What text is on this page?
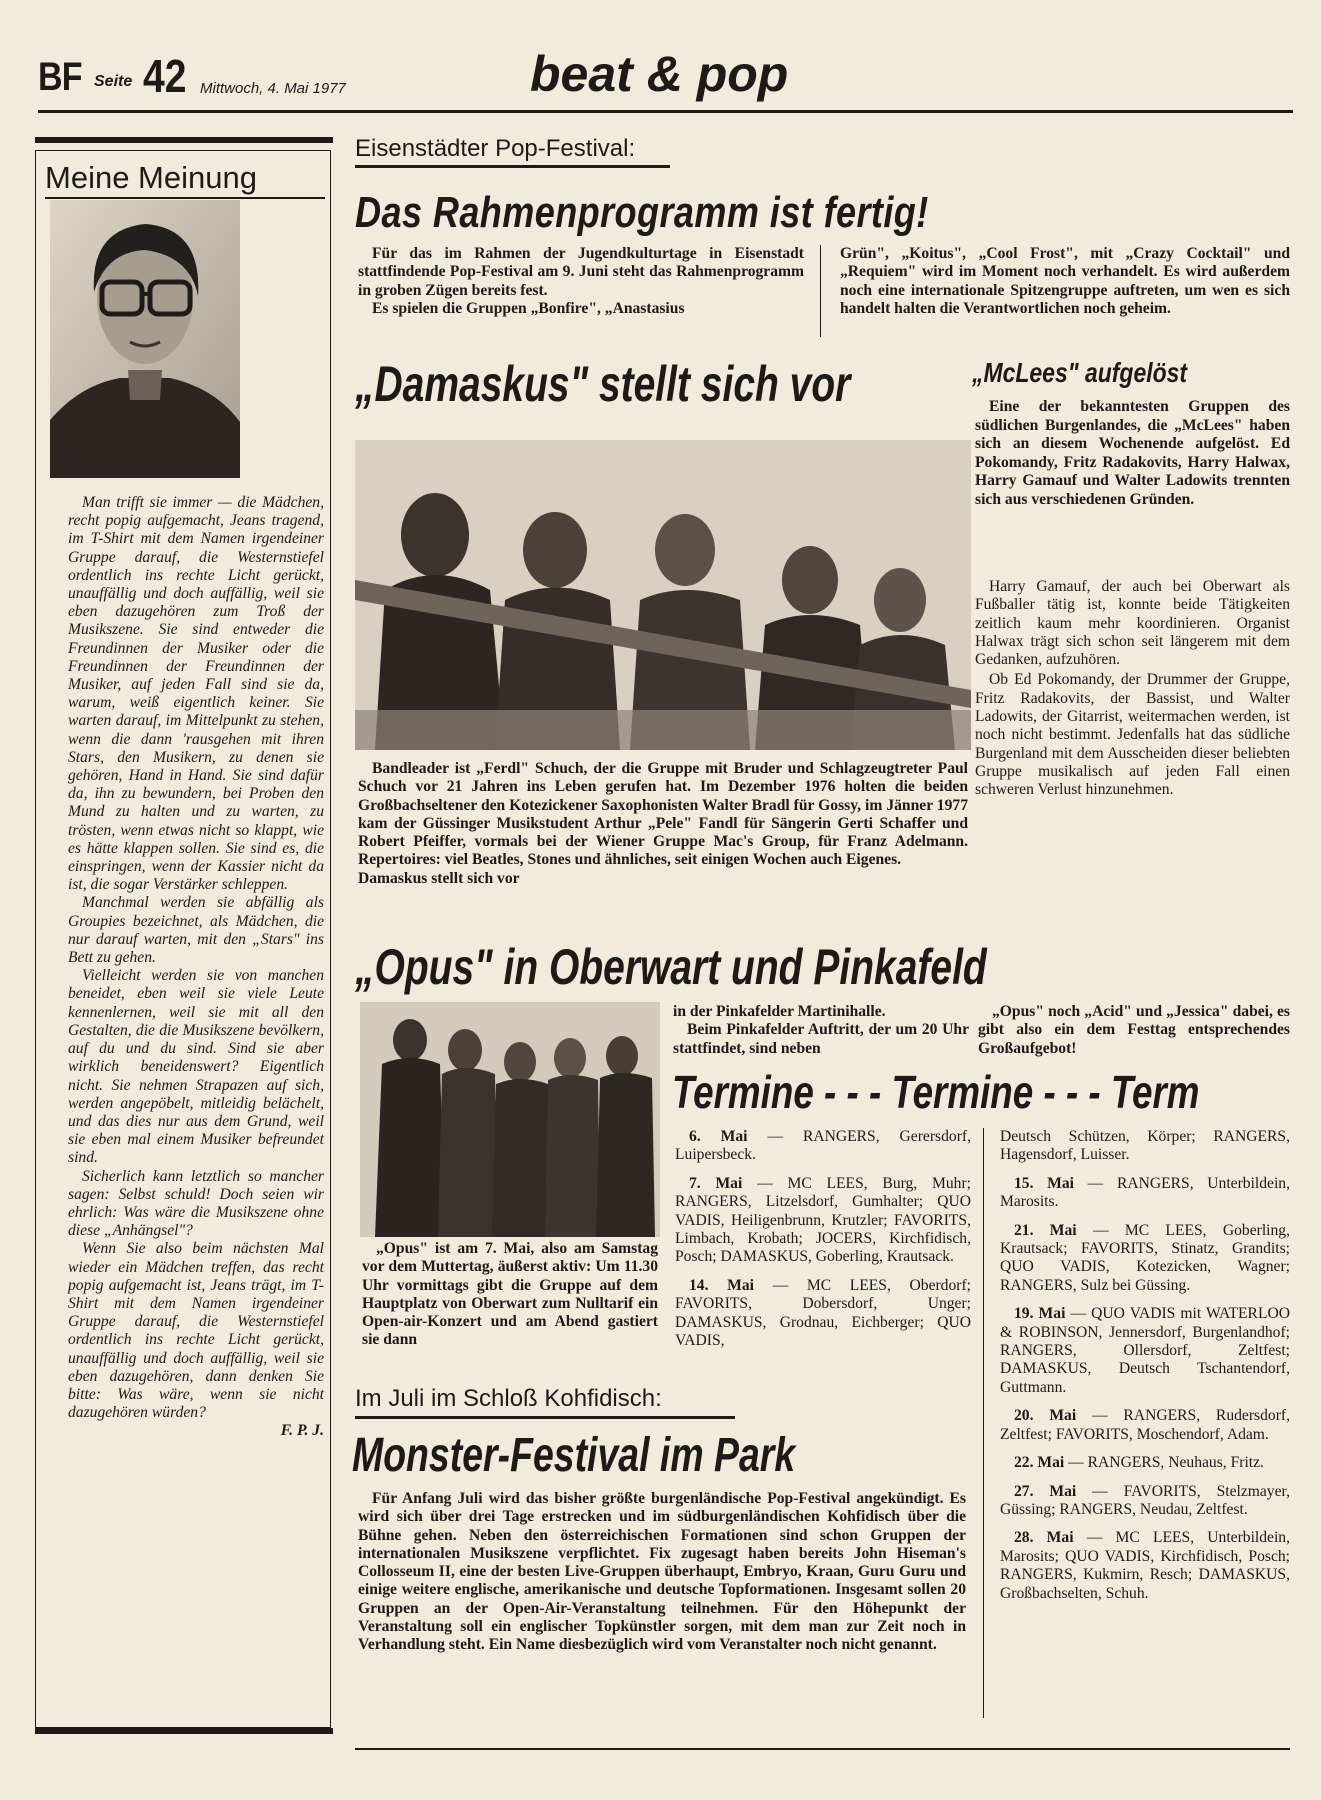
BF Seite 42 Mittwoch, 4. Mai 1977	beat & pop
Meine Meinung

Man trifft sie immer — die Mädchen, recht popig aufgemacht, Jeans tragend, im T-Shirt mit dem Namen irgendeiner Gruppe darauf, die Westernstiefel ordentlich ins rechte Licht gerückt, unauffällig und doch auffällig, weil sie eben dazugehören zum Troß der Musikszene. Sie sind entweder die Freundinnen der Musiker oder die Freundinnen der Freundinnen der Musiker, auf jeden Fall sind sie da, warum, weiß eigentlich keiner. Sie warten darauf, im Mittelpunkt zu stehen, wenn die dann 'rausgehen mit ihren Stars, den Musikern, zu denen sie gehören, Hand in Hand. Sie sind dafür da, ihn zu bewundern, bei Proben den Mund zu halten und zu warten, zu trösten, wenn etwas nicht so klappt, wie es hätte klappen sollen. Sie sind es, die einspringen, wenn der Kassier nicht da ist, die sogar Verstärker schleppen.

Manchmal werden sie abfällig als Groupies bezeichnet, als Mädchen, die nur darauf warten, mit den „Stars" ins Bett zu gehen.

Vielleicht werden sie von manchen beneidet, eben weil sie viele Leute kennenlernen, weil sie mit all den Gestalten, die die Musikszene bevölkern, auf du und du sind. Sind sie aber wirklich beneidenswert? Eigentlich nicht. Sie nehmen Strapazen auf sich, werden angepöbelt, mitleidig belächelt, und das dies nur aus dem Grund, weil sie eben mal einem Musiker befreundet sind.

Sicherlich kann letztlich so mancher sagen: Selbst schuld! Doch seien wir ehrlich: Was wäre die Musikszene ohne diese „Anhängsel"?

Wenn Sie also beim nächsten Mal wieder ein Mädchen treffen, das recht popig aufgemacht ist, Jeans trägt, im T-Shirt mit dem Namen irgendeiner Gruppe darauf, die Westernstiefel ordentlich ins rechte Licht gerückt, unauffällig und doch auffällig, weil sie eben dazugehören, dann denken Sie bitte: Was wäre, wenn sie nicht dazugehören würden?

F. P. J.

Eisenstädter Pop-Festival:
Das Rahmenprogramm ist fertig!

Für das im Rahmen der Jugendkulturtage in Eisenstadt stattfindende Pop-Festival am 9. Juni steht das Rahmenprogramm in groben Zügen bereits fest.

Es spielen die Gruppen „Bonfire", „Anastasius

Grün", „Koitus", „Cool Frost", mit „Crazy Cocktail" und „Requiem" wird im Moment noch verhandelt. Es wird außerdem noch eine internationale Spitzengruppe auftreten, um wen es sich handelt halten die Verantwortlichen noch geheim.

„Damaskus" stellt sich vor

Bandleader ist „Ferdl" Schuch, der die Gruppe mit Bruder und Schlagzeugtreter Paul Schuch vor 21 Jahren ins Leben gerufen hat. Im Dezember 1976 holten die beiden Großbachseltener den Kotezickener Saxophonisten Walter Bradl für Gossy, im Jänner 1977 kam der Güssinger Musikstudent Arthur „Pele" Fandl für Sängerin Gerti Schaffer und Robert Pfeiffer, vormals bei der Wiener Gruppe Mac's Group, für Franz Adelmann. Repertoires: viel Beatles, Stones und ähnliches, seit einigen Wochen auch Eigenes.

Damaskus stellt sich vor

„McLees" aufgelöst

Eine der bekanntesten Gruppen des südlichen Burgenlandes, die „McLees" haben sich an diesem Wochenende aufgelöst. Ed Pokomandy, Fritz Radakovits, Harry Halwax, Harry Gamauf und Walter Ladowits trennten sich aus verschiedenen Gründen.

Harry Gamauf, der auch bei Oberwart als Fußballer tätig ist, konnte beide Tätigkeiten zeitlich kaum mehr koordinieren. Organist Halwax trägt sich schon seit längerem mit dem Gedanken, aufzuhören.

Ob Ed Pokomandy, der Drummer der Gruppe, Fritz Radakovits, der Bassist, und Walter Ladowits, der Gitarrist, weitermachen werden, ist noch nicht bestimmt. Jedenfalls hat das südliche Burgenland mit dem Ausscheiden dieser beliebten Gruppe musikalisch auf jeden Fall einen schweren Verlust hinzunehmen.

„Opus" in Oberwart und Pinkafeld

„Opus" ist am 7. Mai, also am Samstag vor dem Muttertag, äußerst aktiv: Um 11.30 Uhr vormittags gibt die Gruppe auf dem Hauptplatz von Oberwart zum Nulltarif ein Open-air-Konzert und am Abend gastiert sie dann

in der Pinkafelder Martinihalle.

Beim Pinkafelder Auftritt, der um 20 Uhr stattfindet, sind neben

„Opus" noch „Acid" und „Jessica" dabei, es gibt also ein dem Festtag entsprechendes Großaufgebot!

Termine - - - Termine - - - Term

6. Mai — RANGERS, Gerersdorf, Luipersbeck.

7. Mai — MC LEES, Burg, Muhr; RANGERS, Litzelsdorf, Gumhalter; QUO VADIS, Heiligenbrunn, Krutzler; FAVORITS, Limbach, Krobath; JOCERS, Kirchfidisch, Posch; DAMASKUS, Goberling, Krautsack.

14. Mai — MC LEES, Oberdorf; FAVORITS, Dobersdorf, Unger; DAMASKUS, Grodnau, Eichberger; QUO VADIS,

Deutsch Schützen, Körper; RANGERS, Hagensdorf, Luisser.

15. Mai — RANGERS, Unterbildein, Marosits.

21. Mai — MC LEES, Goberling, Krautsack; FAVORITS, Stinatz, Grandits; QUO VADIS, Kotezicken, Wagner; RANGERS, Sulz bei Güssing.

19. Mai — QUO VADIS mit WATERLOO & ROBINSON, Jennersdorf, Burgenlandhof; RANGERS, Ollersdorf, Zeltfest; DAMASKUS, Deutsch Tschantendorf, Guttmann.

20. Mai — RANGERS, Rudersdorf, Zeltfest; FAVORITS, Moschendorf, Adam.

22. Mai — RANGERS, Neuhaus, Fritz.

27. Mai — FAVORITS, Stelzmayer, Güssing; RANGERS, Neudau, Zeltfest.

28. Mai — MC LEES, Unterbildein, Marosits; QUO VADIS, Kirchfidisch, Posch; RANGERS, Kukmirn, Resch; DAMASKUS, Großbachselten, Schuh.

Im Juli im Schloß Kohfidisch:
Monster-Festival im Park

Für Anfang Juli wird das bisher größte burgenländische Pop-Festival angekündigt. Es wird sich über drei Tage erstrecken und im südburgenländischen Kohfidisch über die Bühne gehen. Neben den österreichischen Formationen sind schon Gruppen der internationalen Musikszene verpflichtet. Fix zugesagt haben bereits John Hiseman's Collosseum II, eine der besten Live-Gruppen überhaupt, Embryo, Kraan, Guru Guru und einige weitere englische, amerikanische und deutsche Topformationen. Insgesamt sollen 20 Gruppen an der Open-Air-Veranstaltung teilnehmen. Für den Höhepunkt der Veranstaltung soll ein englischer Topkünstler sorgen, mit dem man zur Zeit noch in Verhandlung steht. Ein Name diesbezüglich wird vom Veranstalter noch nicht genannt.
